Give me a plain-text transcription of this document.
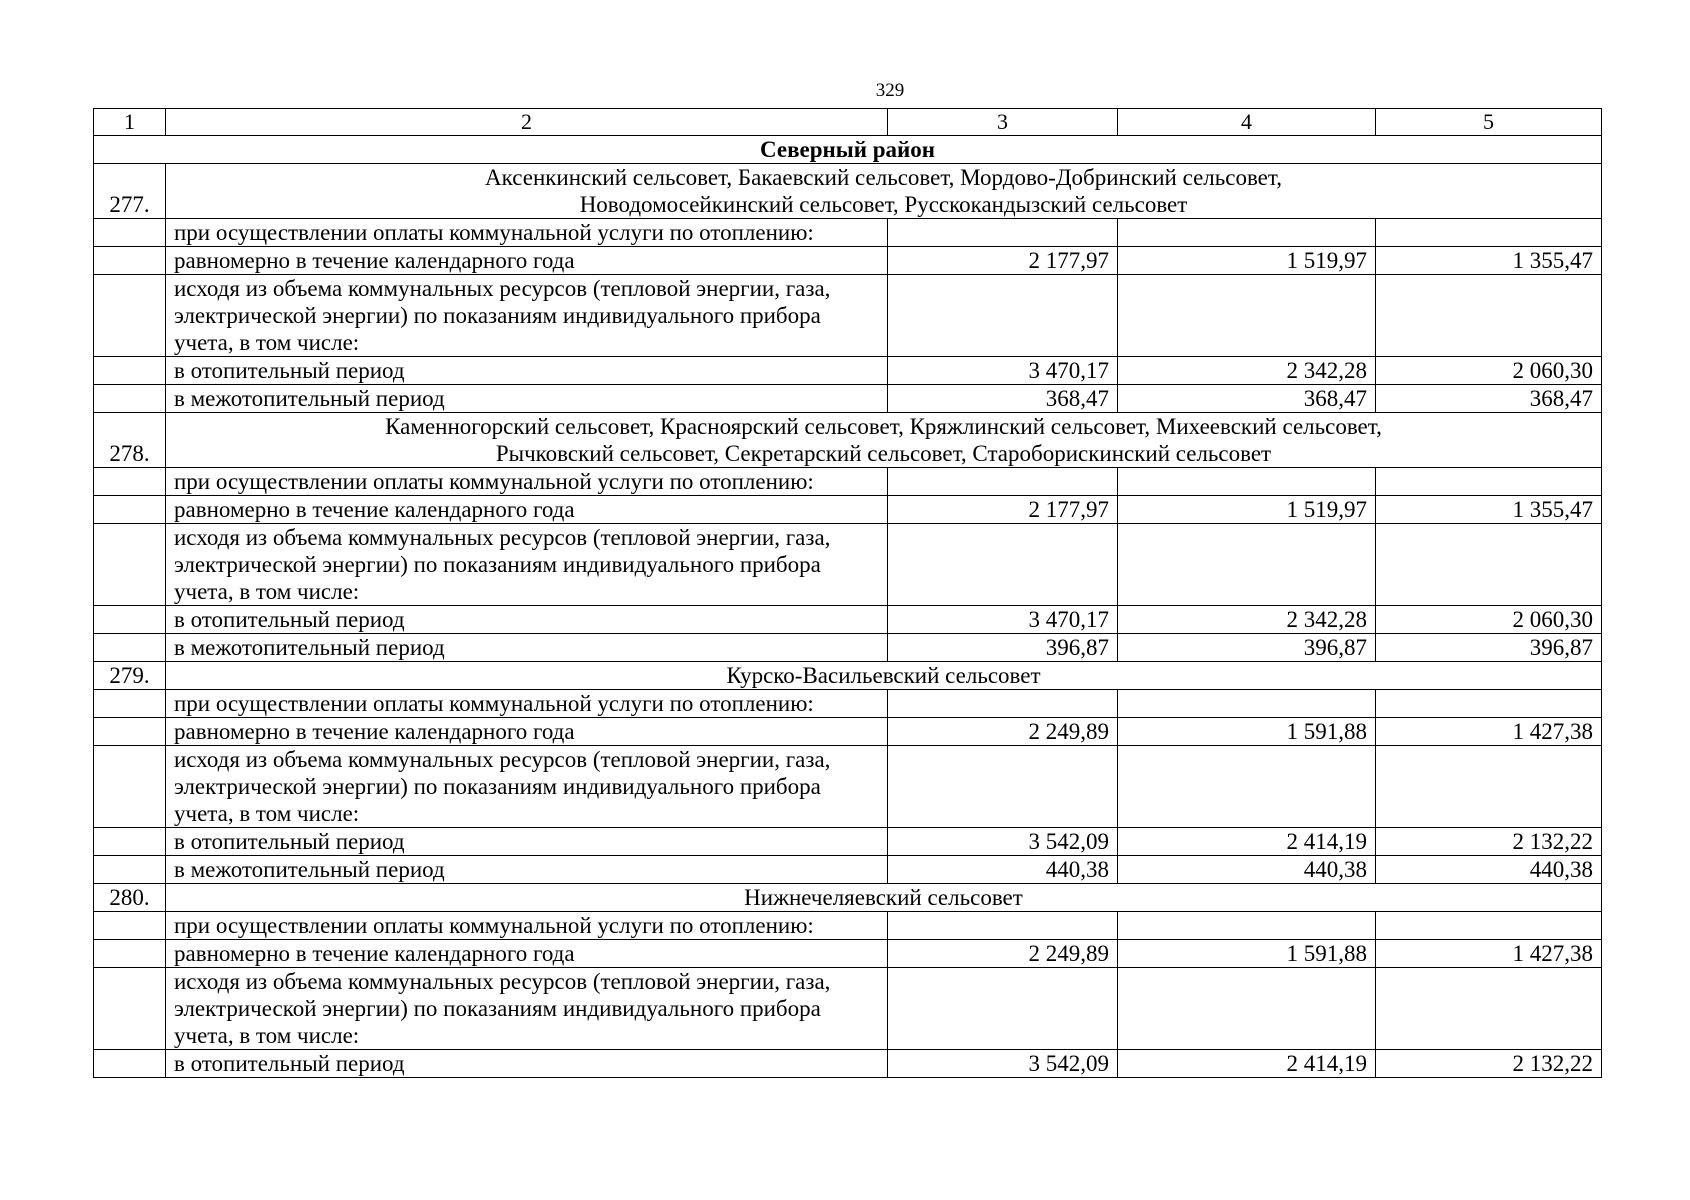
329
1	2	3	4	5
Северный район				
277.	Аксенкинский сельсовет, Бакаевский сельсовет, Мордово-Добринский сельсовет,
Новодомосейкинский сельсовет, Русскокандызский сельсовет			
	при осуществлении оплаты коммунальной услуги по отоплению:			
	равномерно в течение календарного года	2 177,97	1 519,97	1 355,47
	исходя из объема коммунальных ресурсов (тепловой энергии, газа,
электрической энергии) по показаниям индивидуального прибора
учета, в том числе:			
	в отопительный период	3 470,17	2 342,28	2 060,30
	в межотопительный период	368,47	368,47	368,47
278.	Каменногорский сельсовет, Красноярский сельсовет, Кряжлинский сельсовет, Михеевский сельсовет,
Рычковский сельсовет, Секретарский сельсовет, Староборискинский сельсовет			
	при осуществлении оплаты коммунальной услуги по отоплению:			
	равномерно в течение календарного года	2 177,97	1 519,97	1 355,47
	исходя из объема коммунальных ресурсов (тепловой энергии, газа,
электрической энергии) по показаниям индивидуального прибора
учета, в том числе:			
	в отопительный период	3 470,17	2 342,28	2 060,30
	в межотопительный период	396,87	396,87	396,87
279.	Курско-Васильевский сельсовет			
	при осуществлении оплаты коммунальной услуги по отоплению:			
	равномерно в течение календарного года	2 249,89	1 591,88	1 427,38
	исходя из объема коммунальных ресурсов (тепловой энергии, газа,
электрической энергии) по показаниям индивидуального прибора
учета, в том числе:			
	в отопительный период	3 542,09	2 414,19	2 132,22
	в межотопительный период	440,38	440,38	440,38
280.	Нижнечеляевский сельсовет			
	при осуществлении оплаты коммунальной услуги по отоплению:			
	равномерно в течение календарного года	2 249,89	1 591,88	1 427,38
	исходя из объема коммунальных ресурсов (тепловой энергии, газа,
электрической энергии) по показаниям индивидуального прибора
учета, в том числе:			
	в отопительный период	3 542,09	2 414,19	2 132,22
